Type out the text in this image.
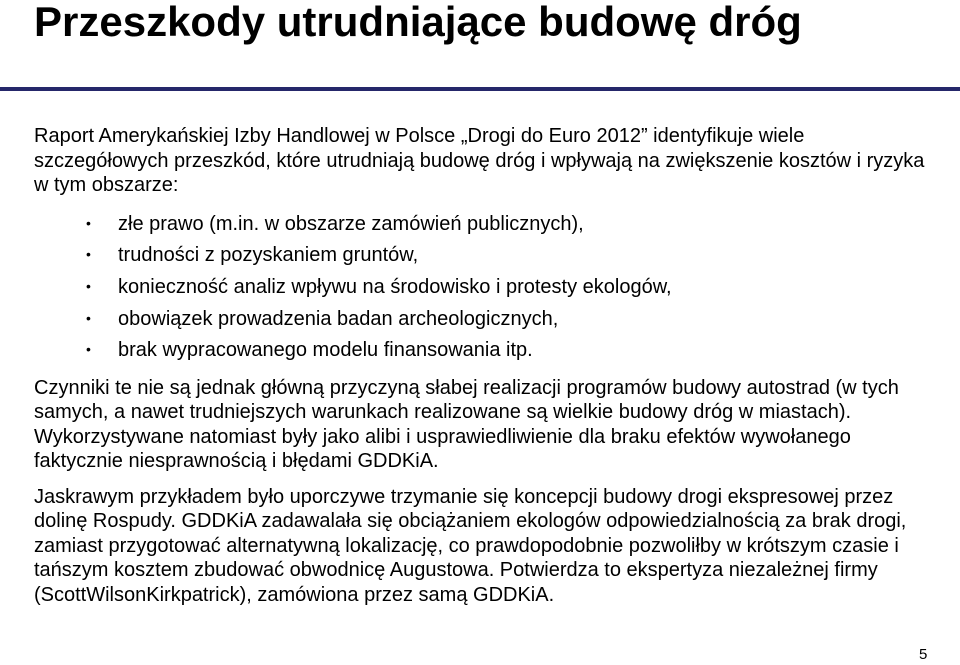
Przeszkody utrudniające budowę dróg

Raport Amerykańskiej Izby Handlowej w Polsce „Drogi do Euro 2012” identyfikuje wiele szczegółowych przeszkód, które utrudniają budowę dróg i wpływają na zwiększenie kosztów i ryzyka w tym obszarze:

• złe prawo (m.in. w obszarze zamówień publicznych),
• trudności z pozyskaniem gruntów,
• konieczność analiz wpływu na środowisko i protesty ekologów,
• obowiązek prowadzenia badan archeologicznych,
• brak wypracowanego modelu finansowania itp.

Czynniki te nie są jednak główną przyczyną słabej realizacji programów budowy autostrad (w tych samych, a nawet trudniejszych warunkach realizowane są wielkie budowy dróg w miastach). Wykorzystywane natomiast były jako alibi i usprawiedliwienie dla braku efektów wywołanego faktycznie niesprawnością i błędami GDDKiA.

Jaskrawym przykładem było uporczywe trzymanie się koncepcji budowy drogi ekspresowej przez dolinę Rospudy. GDDKiA zadawalała się obciążaniem ekologów odpowiedzialnością za brak drogi, zamiast przygotować alternatywną lokalizację, co prawdopodobnie pozwoliłby w krótszym czasie i tańszym kosztem zbudować obwodnicę Augustowa. Potwierdza to ekspertyza niezależnej firmy (ScottWilsonKirkpatrick), zamówiona przez samą GDDKiA.

5
